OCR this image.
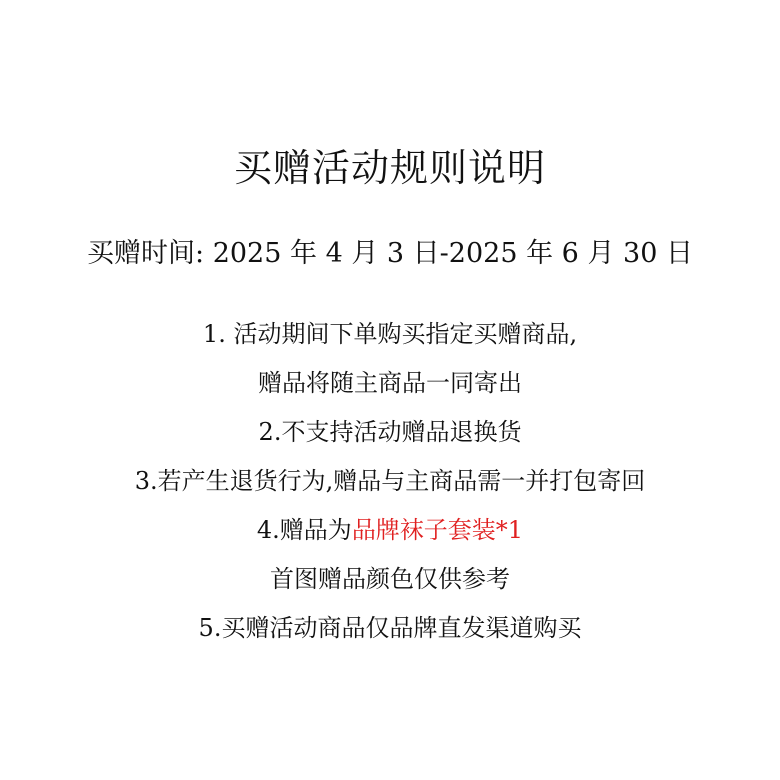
买赠活动规则说明

买赠时间: 2025 年 4 月 3 日-2025 年 6 月 30 日

1. 活动期间下单购买指定买赠商品,
赠品将随主商品一同寄出
2.不支持活动赠品退换货
3.若产生退货行为,赠品与主商品需一并打包寄回
4.赠品为品牌袜子套装*1
首图赠品颜色仅供参考
5.买赠活动商品仅品牌直发渠道购买
